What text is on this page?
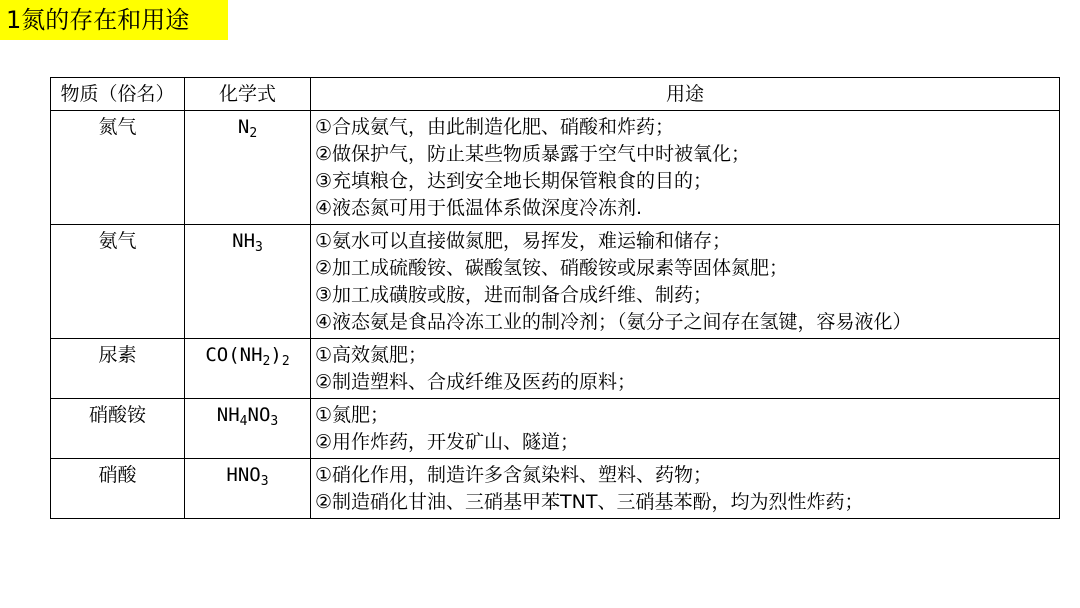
1氮的存在和用途
物质（俗名）	化学式	用途
氮气	$N_2$	①合成氨气，由此制造化肥、硝酸和炸药；
②做保护气，防止某些物质暴露于空气中时被氧化；
③充填粮仓，达到安全地长期保管粮食的目的；
④液态氮可用于低温体系做深度冷冻剂.

氨气	$NH_3$	①氨水可以直接做氮肥，易挥发，难运输和储存；
②加工成硫酸铵、碳酸氢铵、硝酸铵或尿素等固体氮肥；
③加工成磺胺或胺，进而制备合成纤维、制药；
④液态氨是食品冷冻工业的制冷剂；（氨分子之间存在氢键，容易液化）

尿素	$CO(NH_2)_2$	①高效氮肥；
②制造塑料、合成纤维及医药的原料；

硝酸铵	$NH_4NO_3$	①氮肥；
②用作炸药，开发矿山、隧道；

硝酸	$HNO_3$	①硝化作用，制造许多含氮染料、塑料、药物；
②制造硝化甘油、三硝基甲苯TNT、三硝基苯酚，均为烈性炸药；
